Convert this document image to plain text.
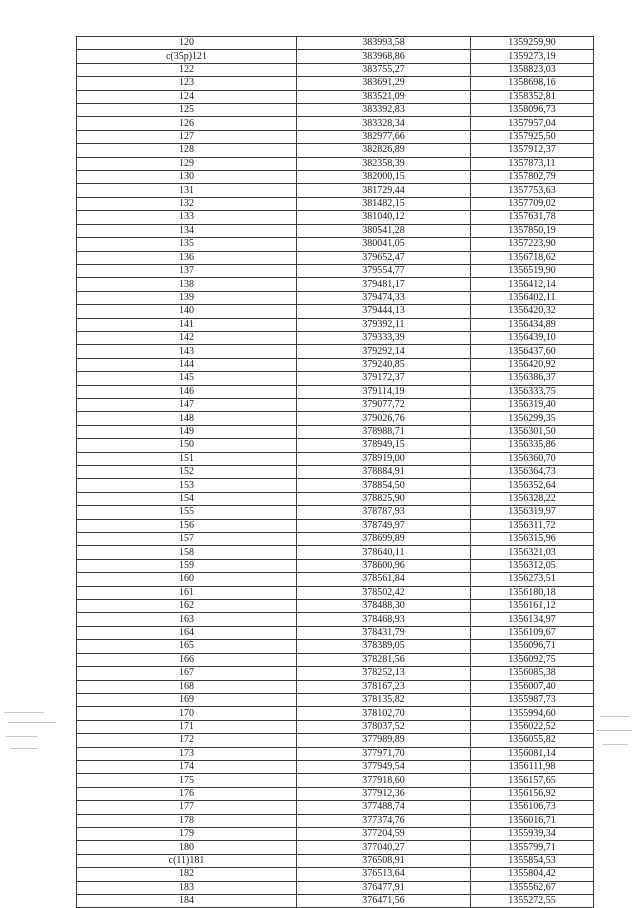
120	383993,58	1359259,90
c(35p)121	383968,86	1359273,19
122	383755,27	1358823,03
123	383691,29	1358698,16
124	383521,09	1358352,81
125	383392,83	1358096,73
126	383328,34	1357957,04
127	382977,66	1357925,50
128	382826,89	1357912,37
129	382358,39	1357873,11
130	382000,15	1357802,79
131	381729,44	1357753,63
132	381482,15	1357709,02
133	381040,12	1357631,78
134	380541,28	1357850,19
135	380041,05	1357223,90
136	379652,47	1356718,62
137	379554,77	1356519,90
138	379481,17	1356412,14
139	379474,33	1356402,11
140	379444,13	1356420,32
141	379392,11	1356434,89
142	379333,39	1356439,10
143	379292,14	1356437,60
144	379240,85	1356420,92
145	379172,37	1356386,37
146	379114,19	1356333,75
147	379077,72	1356319,40
148	379026,76	1356299,35
149	378988,71	1356301,50
150	378949,15	1356335,86
151	378919,00	1356360,70
152	378884,91	1356364,73
153	378854,50	1356352,64
154	378825,90	1356328,22
155	378787,93	1356319,97
156	378749,97	1356311,72
157	378699,89	1356315,96
158	378640,11	1356321,03
159	378600,96	1356312,05
160	378561,84	1356273,51
161	378502,42	1356180,18
162	378488,30	1356161,12
163	378468,93	1356134,97
164	378431,79	1356109,67
165	378389,05	1356096,71
166	378281,56	1356092,75
167	378252,13	1356085,38
168	378167,23	1356007,40
169	378135,82	1355987,73
170	378102,70	1355994,60
171	378037,52	1356022,52
172	377989,89	1356055,82
173	377971,70	1356081,14
174	377949,54	1356111,98
175	377918,60	1356157,65
176	377912,36	1356156,92
177	377488,74	1356106,73
178	377374,76	1356016,71
179	377204,59	1355939,34
180	377040,27	1355799,71
c(11)181	376508,91	1355854,53
182	376513,64	1355804,42
183	376477,91	1355562,67
184	376471,56	1355272,55
